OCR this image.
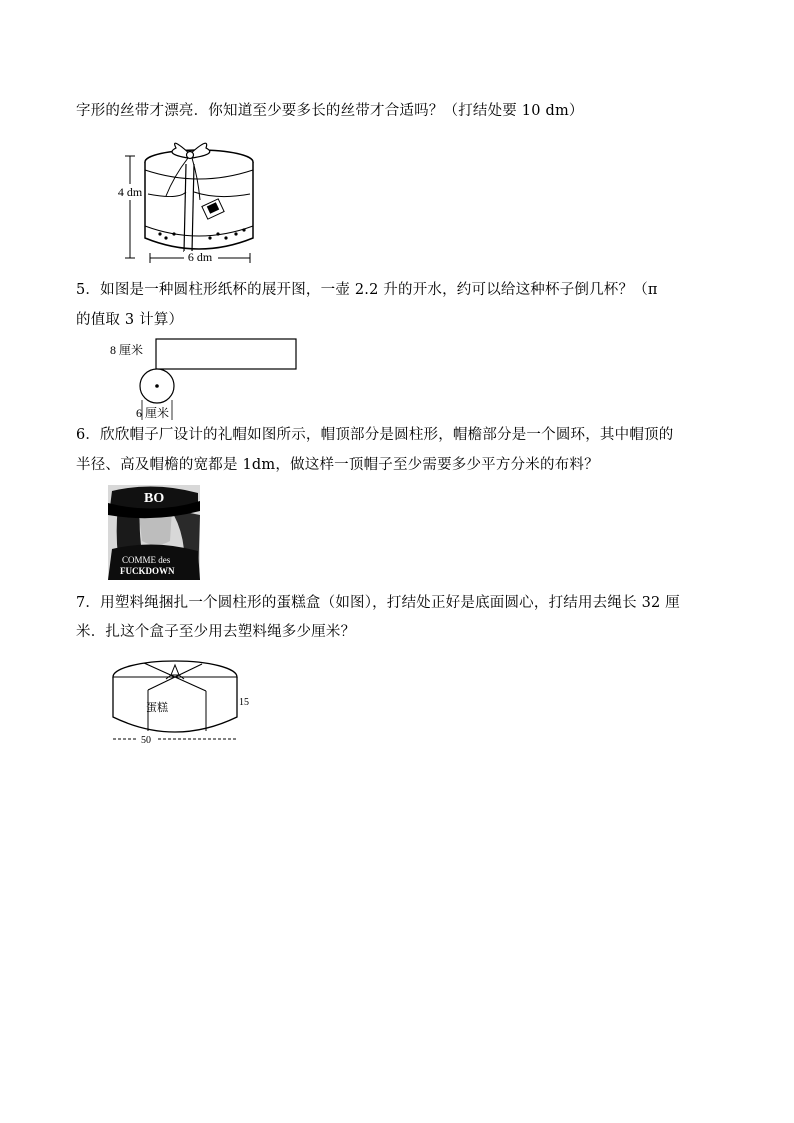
字形的丝带才漂亮．你知道至少要多长的丝带才合适吗？（打结处要 10 dm）
4 dm
6 dm
5．如图是一种圆柱形纸杯的展开图，一壶 2.2 升的开水，约可以给这种杯子倒几杯？（π
的值取 3 计算）
8 厘米
6 厘米
6．欣欣帽子厂设计的礼帽如图所示，帽顶部分是圆柱形，帽檐部分是一个圆环，其中帽顶的
半径、高及帽檐的宽都是 1dm，做这样一顶帽子至少需要多少平方分米的布料？
BO
COMME des
FUCKDOWN
7．用塑料绳捆扎一个圆柱形的蛋糕盒（如图），打结处正好是底面圆心，打结用去绳长 32 厘
米．扎这个盒子至少用去塑料绳多少厘米？
蛋糕	15
50
